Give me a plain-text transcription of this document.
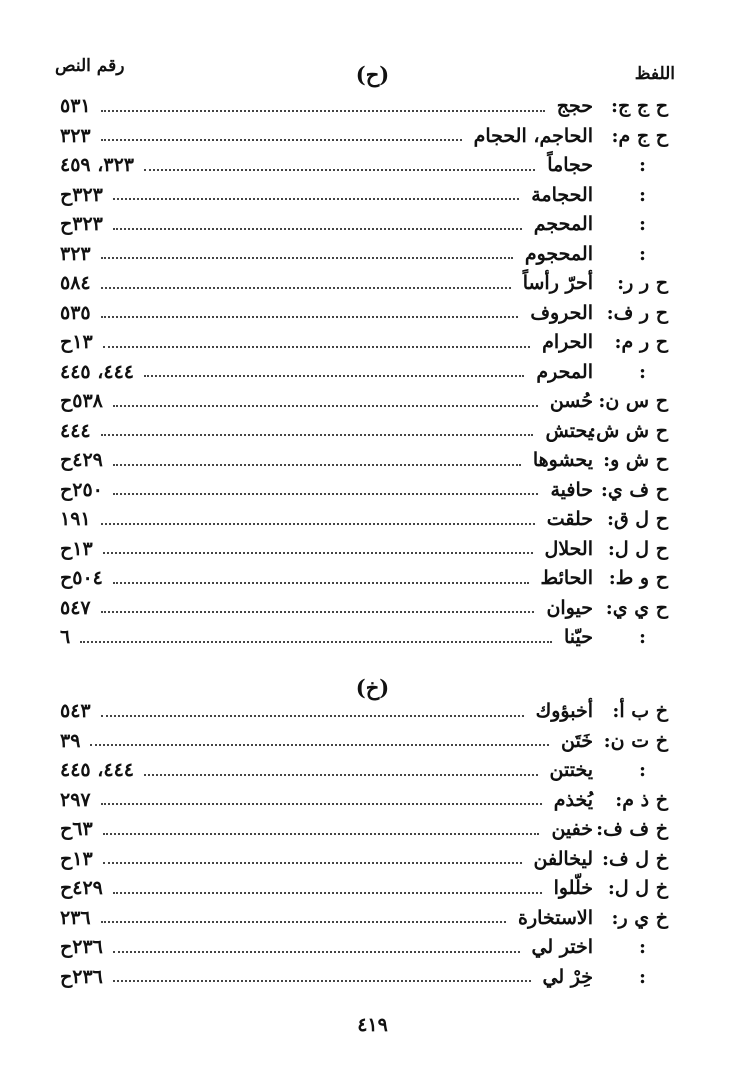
اللفظ
رقم النص	(ح)
ح ج ج:
حجج
٥٣١
ح ج م:
الحاجم، الحجام
٣٢٣
:
حجاماً
٣٢٣، ٤٥٩
:
الحجامة
٣٢٣ح
:
المحجم
٣٢٣ح
:
المحجوم
٣٢٣
ح ر ر:
أحرّ رأساً
٥٨٤
ح ر ف:
الحروف
٥٣٥
ح ر م:
الحرام
١٣ح
:
المحرم
٤٤٤، ٤٤٥
ح س ن:
حُسن
٥٣٨ح
ح ش ش:
يحتش
٤٤٤
ح ش و:
يحشوها
٤٢٩ح
ح ف ي:
حافية
٢٥٠ح
ح ل ق:
حلقت
١٩١
ح ل ل:
الحلال
١٣ح
ح و ط:
الحائط
٥٠٤ح
ح ي ي:
حيوان
٥٤٧
:
حيّنا
٦
(خ)
خ ب أ:
أخبؤوك
٥٤٣
خ ت ن:
خَتَن
٣٩
:
يختتن
٤٤٤، ٤٤٥
خ ذ م:
يُخذم
٢٩٧
خ ف ف:
خفين
٦٣ح
خ ل ف:
ليخالفن
١٣ح
خ ل ل:
خلّلوا
٤٢٩ح
خ ي ر:
الاستخارة
٢٣٦
:
اختر لي
٢٣٦ح
:
خِرْ لي
٢٣٦ح
٤١٩
